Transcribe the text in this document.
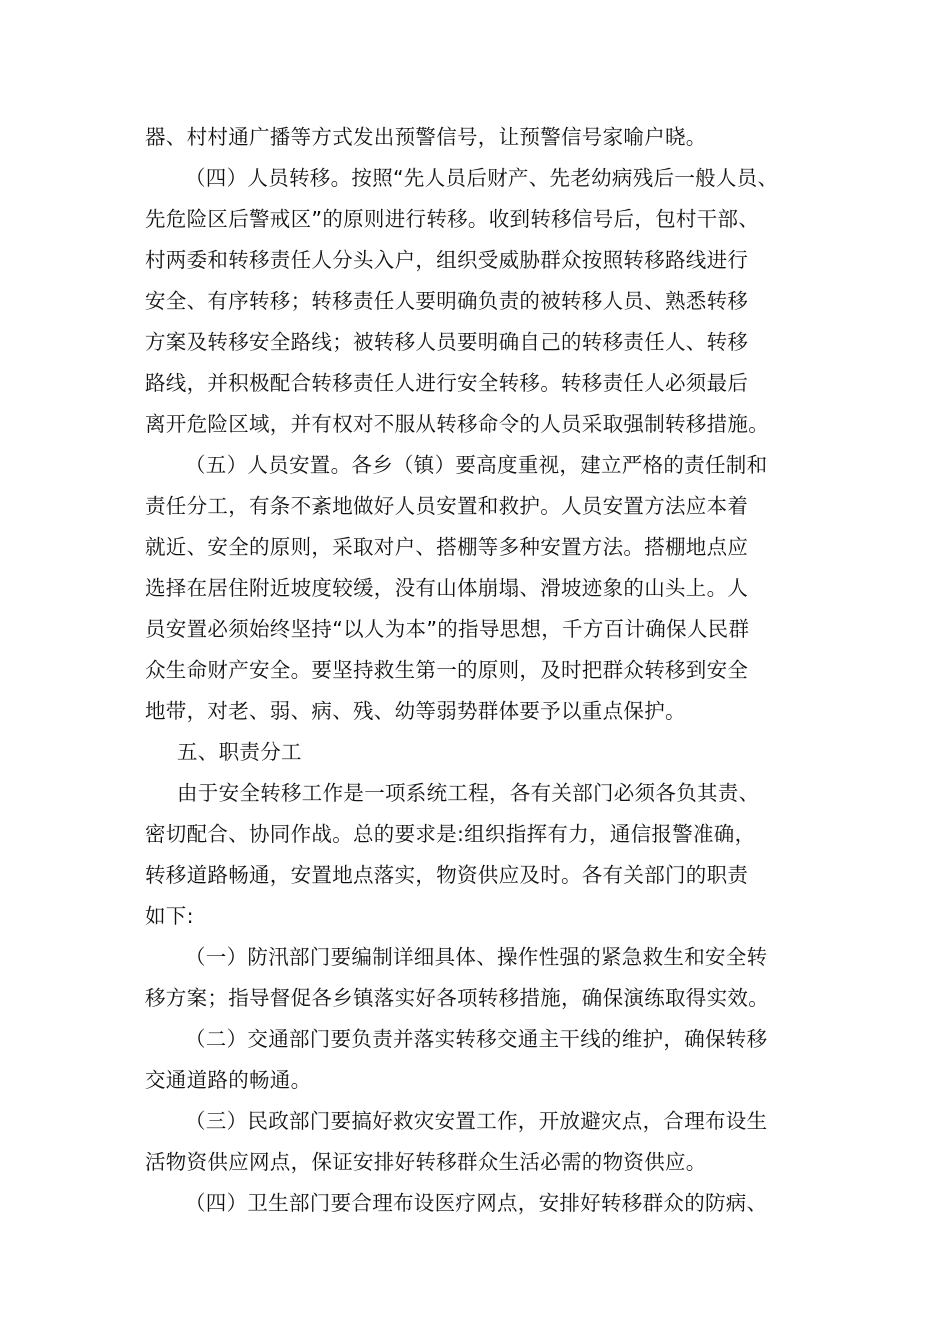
器、村村通广播等方式发出预警信号，让预警信号家喻户晓。
（四）人员转移。按照“先人员后财产、先老幼病残后一般人员、
先危险区后警戒区”的原则进行转移。收到转移信号后，包村干部、
村两委和转移责任人分头入户，组织受威胁群众按照转移路线进行
安全、有序转移；转移责任人要明确负责的被转移人员、熟悉转移
方案及转移安全路线；被转移人员要明确自己的转移责任人、转移
路线，并积极配合转移责任人进行安全转移。转移责任人必须最后
离开危险区域，并有权对不服从转移命令的人员采取强制转移措施。
（五）人员安置。各乡（镇）要高度重视，建立严格的责任制和
责任分工，有条不紊地做好人员安置和救护。人员安置方法应本着
就近、安全的原则，采取对户、搭棚等多种安置方法。搭棚地点应
选择在居住附近坡度较缓，没有山体崩塌、滑坡迹象的山头上。人
员安置必须始终坚持“以人为本”的指导思想，千方百计确保人民群
众生命财产安全。要坚持救生第一的原则，及时把群众转移到安全
地带，对老、弱、病、残、幼等弱势群体要予以重点保护。
五、职责分工
由于安全转移工作是一项系统工程，各有关部门必须各负其责、
密切配合、协同作战。总的要求是:组织指挥有力，通信报警准确，
转移道路畅通，安置地点落实，物资供应及时。各有关部门的职责
如下:
（一）防汛部门要编制详细具体、操作性强的紧急救生和安全转
移方案；指导督促各乡镇落实好各项转移措施，确保演练取得实效。
（二）交通部门要负责并落实转移交通主干线的维护，确保转移
交通道路的畅通。
（三）民政部门要搞好救灾安置工作，开放避灾点，合理布设生
活物资供应网点，保证安排好转移群众生活必需的物资供应。
（四）卫生部门要合理布设医疗网点，安排好转移群众的防病、
